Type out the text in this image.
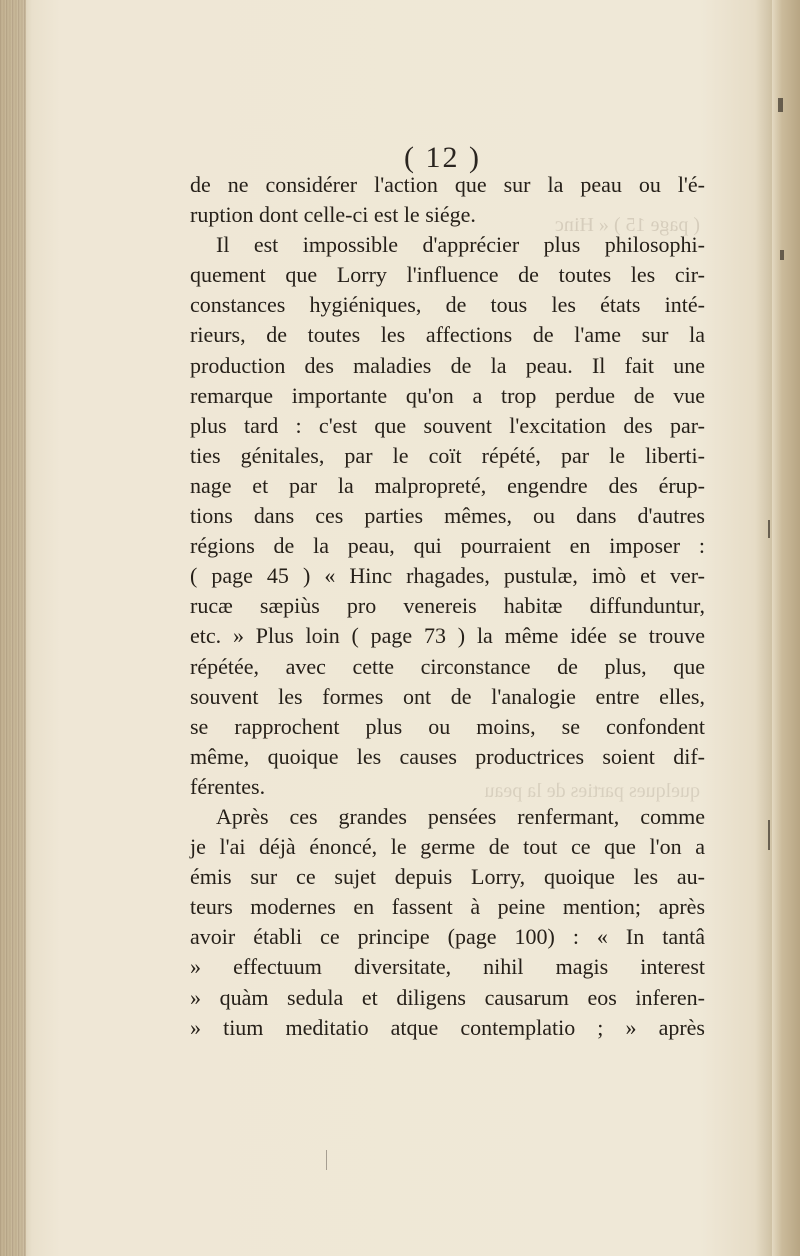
( page 15 ) « Hinc
quelques parties de la peau
( 12 )
de ne considérer l'action que sur la peau ou l'é-
ruption dont celle-ci est le siége.
Il est impossible d'apprécier plus philosophi-
quement que Lorry l'influence de toutes les cir-
constances hygiéniques, de tous les états inté-
rieurs, de toutes les affections de l'ame sur la
production des maladies de la peau. Il fait une
remarque importante qu'on a trop perdue de vue
plus tard : c'est que souvent l'excitation des par-
ties génitales, par le coït répété, par le liberti-
nage et par la malpropreté, engendre des érup-
tions dans ces parties mêmes, ou dans d'autres
régions de la peau, qui pourraient en imposer :
( page 45 ) « Hinc rhagades, pustulæ, imò et ver-
rucæ sæpiùs pro venereis habitæ diffunduntur,
etc. » Plus loin ( page 73 ) la même idée se trouve
répétée, avec cette circonstance de plus, que
souvent les formes ont de l'analogie entre elles,
se rapprochent plus ou moins, se confondent
même, quoique les causes productrices soient dif-
férentes.
Après ces grandes pensées renfermant, comme
je l'ai déjà énoncé, le germe de tout ce que l'on a
émis sur ce sujet depuis Lorry, quoique les au-
teurs modernes en fassent à peine mention; après
avoir établi ce principe (page 100) : « In tantâ
» effectuum diversitate, nihil magis interest
» quàm sedula et diligens causarum eos inferen-
» tium meditatio atque contemplatio ; » après
